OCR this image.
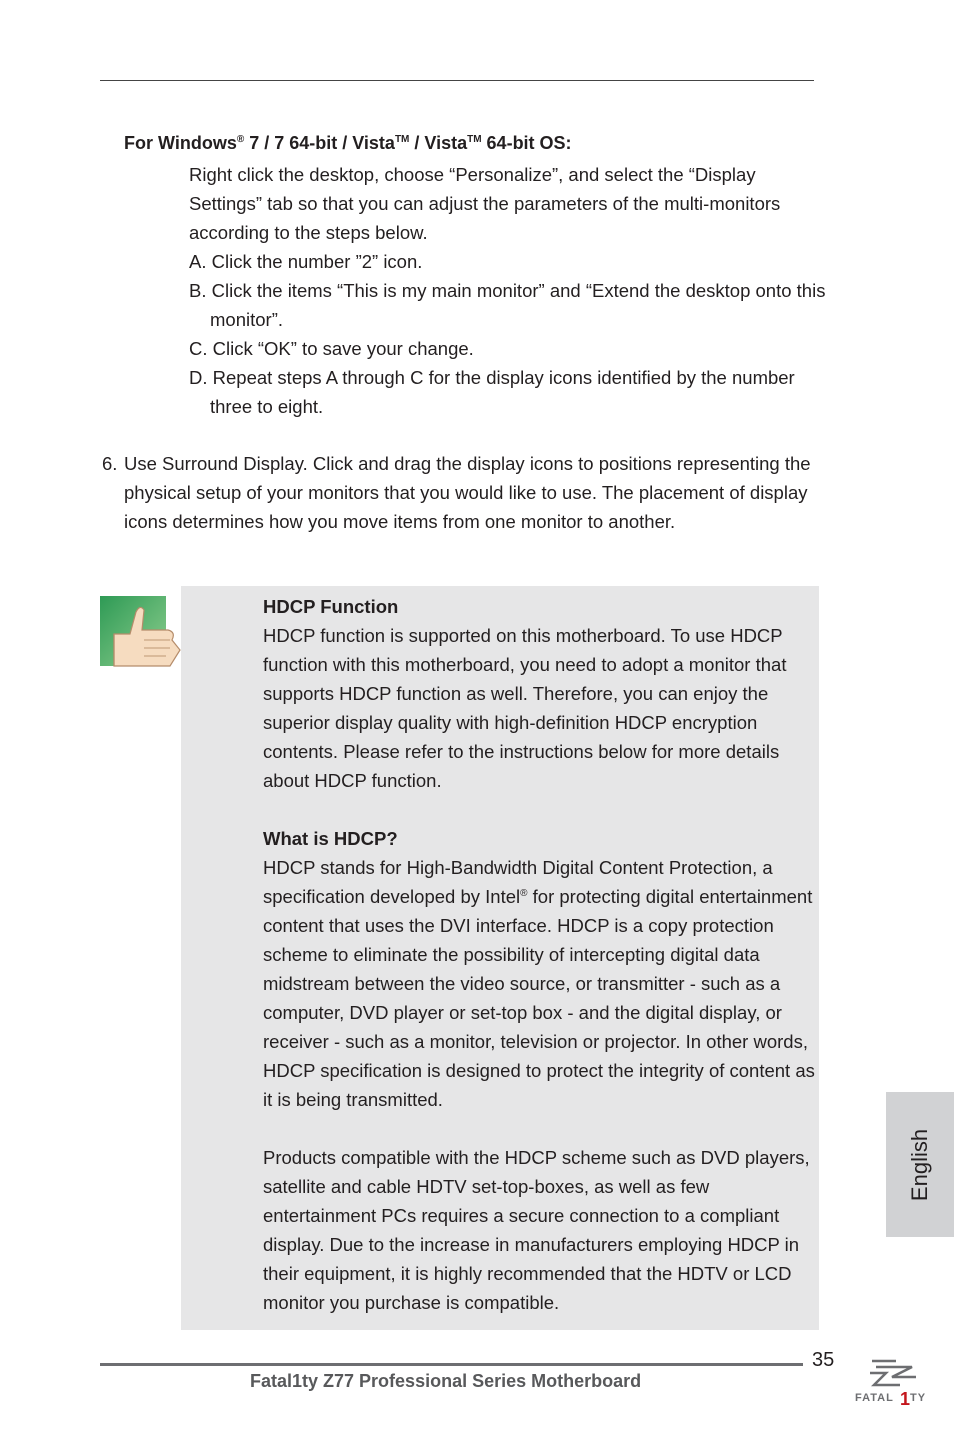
For Windows® 7 / 7 64-bit / Vista™ / Vista™ 64-bit OS:

Right click the desktop, choose “Personalize”, and select the “Display Settings” tab so that you can adjust the parameters of the multi-monitors according to the steps below.

A. Click the number ”2” icon.

B. Click the items “This is my main monitor” and “Extend the desktop onto this monitor”.

C. Click “OK” to save your change.

D. Repeat steps A through C for the display icons identified by the number three to eight.

6. Use Surround Display. Click and drag the display icons to positions representing the physical setup of your monitors that you would like to use. The placement of display icons determines how you move items from one monitor to another.

HDCP Function

HDCP function is supported on this motherboard. To use HDCP function with this motherboard, you need to adopt a monitor that supports HDCP function as well. Therefore, you can enjoy the superior display quality with high-definition HDCP encryption contents. Please refer to the instructions below for more details about HDCP function.

What is HDCP?

HDCP stands for High-Bandwidth Digital Content Protection, a specification developed by Intel® for protecting digital entertainment content that uses the DVI interface. HDCP is a copy protection scheme to eliminate the possibility of intercepting digital data midstream between the video source, or transmitter - such as a computer, DVD player or set-top box - and the digital display, or receiver - such as a monitor, television or projector. In other words, HDCP specification is designed to protect the integrity of content as it is being transmitted.

Products compatible with the HDCP scheme such as DVD players, satellite and cable HDTV set-top-boxes, as well as few entertainment PCs requires a secure connection to a compliant display. Due to the increase in manufacturers employing HDCP in their equipment, it is highly recommended that the HDTV or LCD monitor you purchase is compatible.

English
35
Fatal1ty Z77 Professional Series Motherboard
FATAL 1 TY
